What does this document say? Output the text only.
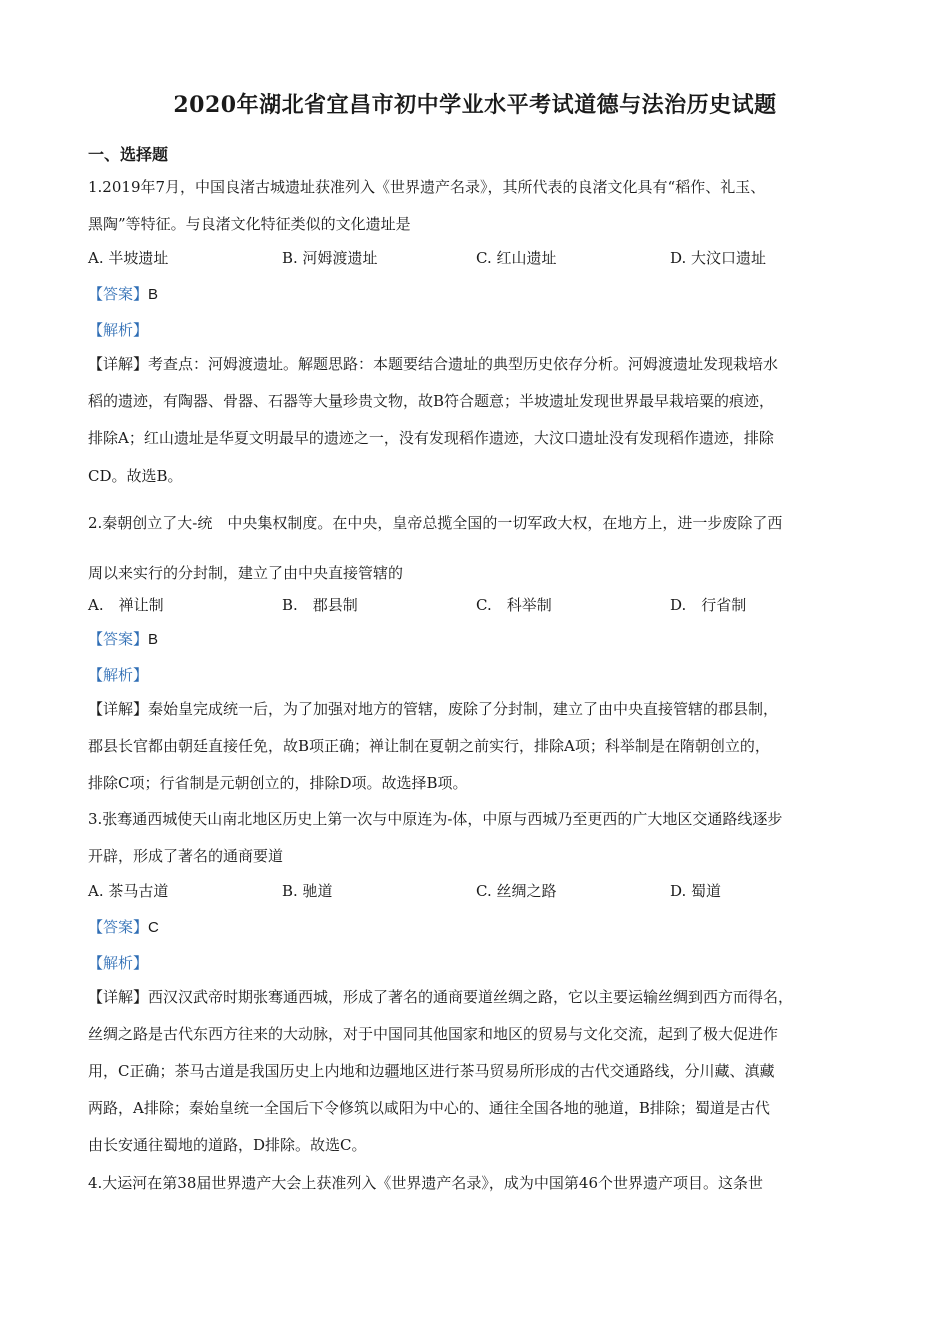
2020年湖北省宜昌市初中学业水平考试道德与法治历史试题
一、选择题
1.2019年7月，中国良渚古城遗址获准列入《世界遗产名录》，其所代表的良渚文化具有“稻作、礼玉、
黑陶”等特征。与良渚文化特征类似的文化遗址是
A. 半坡遗址	B. 河姆渡遗址	C. 红山遗址	D. 大汶口遗址
【答案】B
【解析】
【详解】考查点：河姆渡遗址。解题思路：本题要结合遗址的典型历史依存分析。河姆渡遗址发现栽培水
稻的遗迹，有陶器、骨器、石器等大量珍贵文物，故B符合题意；半坡遗址发现世界最早栽培粟的痕迹，
排除A；红山遗址是华夏文明最早的遗迹之一，没有发现稻作遗迹，大汶口遗址没有发现稻作遗迹，排除
CD。故选B。
2.秦朝创立了大-统　中央集权制度。在中央，皇帝总揽全国的一切军政大权，在地方上，进一步废除了西
周以来实行的分封制，建立了由中央直接管辖的
A.　禅让制	B.　郡县制	C.　科举制	D.　行省制
【答案】B
【解析】
【详解】秦始皇完成统一后，为了加强对地方的管辖，废除了分封制，建立了由中央直接管辖的郡县制，
郡县长官都由朝廷直接任免，故B项正确；禅让制在夏朝之前实行，排除A项；科举制是在隋朝创立的，
排除C项；行省制是元朝创立的，排除D项。故选择B项。
3.张骞通西城使天山南北地区历史上第一次与中原连为-体，中原与西城乃至更西的广大地区交通路线逐步
开辟，形成了著名的通商要道
A. 茶马古道	B. 驰道	C. 丝绸之路	D. 蜀道
【答案】C
【解析】
【详解】西汉汉武帝时期张骞通西城，形成了著名的通商要道丝绸之路，它以主要运输丝绸到西方而得名，
丝绸之路是古代东西方往来的大动脉，对于中国同其他国家和地区的贸易与文化交流，起到了极大促进作
用，C正确；茶马古道是我国历史上内地和边疆地区进行茶马贸易所形成的古代交通路线，分川藏、滇藏
两路，A排除；秦始皇统一全国后下令修筑以咸阳为中心的、通往全国各地的驰道，B排除；蜀道是古代
由长安通往蜀地的道路，D排除。故选C。
4.大运河在第38届世界遗产大会上获准列入《世界遗产名录》，成为中国第46个世界遗产项目。这条世
